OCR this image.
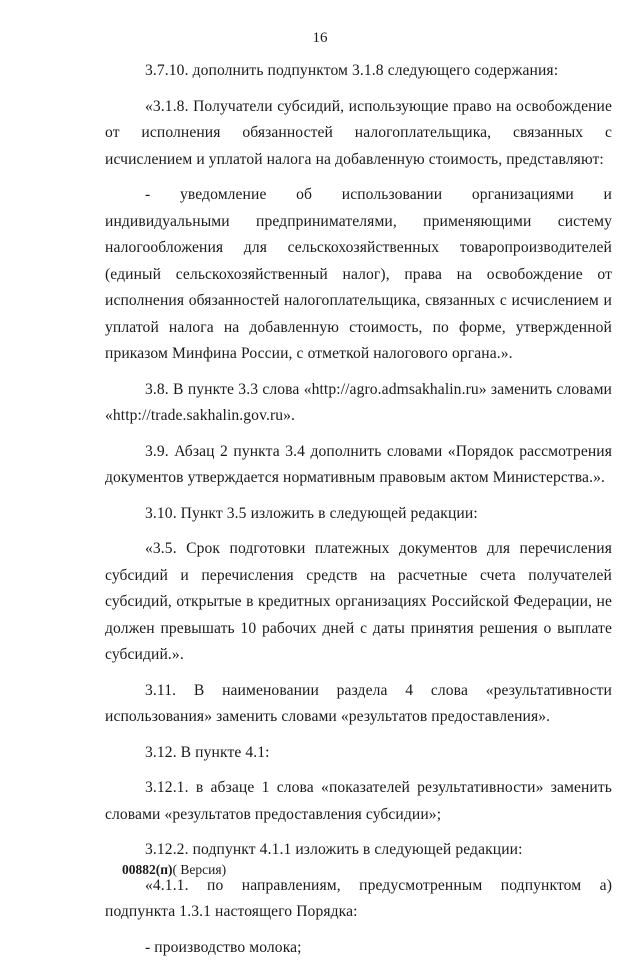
16

3.7.10. дополнить подпунктом 3.1.8 следующего содержания:

«3.1.8. Получатели субсидий, использующие право на освобождение от исполнения обязанностей налогоплательщика, связанных с исчислением и уплатой налога на добавленную стоимость, представляют:

- уведомление об использовании организациями и индивидуальными предпринимателями, применяющими систему налогообложения для сельскохозяйственных товаропроизводителей (единый сельскохозяйственный налог), права на освобождение от исполнения обязанностей налогоплательщика, связанных с исчислением и уплатой налога на добавленную стоимость, по форме, утвержденной приказом Минфина России, с отметкой налогового органа.».

3.8. В пункте 3.3 слова «http://agro.admsakhalin.ru» заменить словами «http://trade.sakhalin.gov.ru».

3.9. Абзац 2 пункта 3.4 дополнить словами «Порядок рассмотрения документов утверждается нормативным правовым актом Министерства.».

3.10. Пункт 3.5 изложить в следующей редакции:

«3.5. Срок подготовки платежных документов для перечисления субсидий и перечисления средств на расчетные счета получателей субсидий, открытые в кредитных организациях Российской Федерации, не должен превышать 10 рабочих дней с даты принятия решения о выплате субсидий.».

3.11. В наименовании раздела 4 слова «результативности использования» заменить словами «результатов предоставления».

3.12. В пункте 4.1:

3.12.1. в абзаце 1 слова «показателей результативности» заменить словами «результатов предоставления субсидии»;

3.12.2. подпункт 4.1.1 изложить в следующей редакции:

«4.1.1. по направлениям, предусмотренным подпунктом а) подпункта 1.3.1 настоящего Порядка:

- производство молока;

00882(п)( Версия)
